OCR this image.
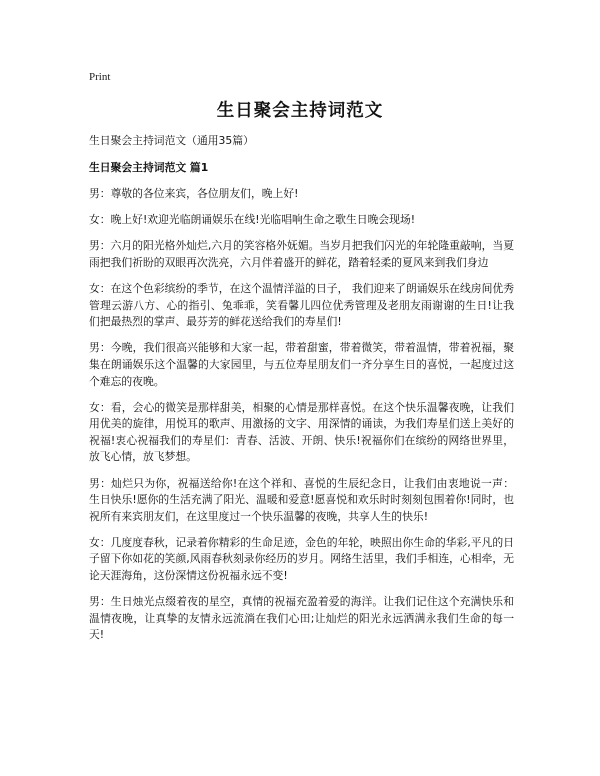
Print
生日聚会主持词范文

生日聚会主持词范文（通用35篇）

生日聚会主持词范文 篇1

男：尊敬的各位来宾，各位朋友们，晚上好!

女：晚上好!欢迎光临朗诵娱乐在线!光临唱响生命之歌生日晚会现场!

男：六月的阳光格外灿烂,六月的笑容格外妩媚。当岁月把我们闪光的年轮隆重敲响，当夏雨把我们祈盼的双眼再次洗亮，六月伴着盛开的鲜花，踏着轻柔的夏风来到我们身边

女：在这个色彩缤纷的季节，在这个温情洋溢的日子， 我们迎来了朗诵娱乐在线房间优秀管理云游八方、心的指引、兔乖乖，笑看馨儿四位优秀管理及老朋友雨谢谢的生日!让我们把最热烈的掌声、最芬芳的鲜花送给我们的寿星们!

男：今晚，我们很高兴能够和大家一起，带着甜蜜，带着微笑，带着温情，带着祝福，聚集在朗诵娱乐这个温馨的大家园里，与五位寿星朋友们一齐分享生日的喜悦，一起度过这个难忘的夜晚。

女：看，会心的微笑是那样甜美，相聚的心情是那样喜悦。在这个快乐温馨夜晚，让我们用优美的旋律，用悦耳的歌声、用激扬的文字、用深情的诵读，为我们寿星们送上美好的祝福!衷心祝福我们的寿星们：青春、活波、开朗、快乐!祝福你们在缤纷的网络世界里，放飞心情，放飞梦想。

男：灿烂只为你，祝福送给你!在这个祥和、喜悦的生辰纪念日，让我们由衷地说一声：生日快乐!愿你的生活充满了阳光、温暖和爱意!愿喜悦和欢乐时时刻刻包围着你!同时，也祝所有来宾朋友们，在这里度过一个快乐温馨的夜晚，共享人生的快乐!

女：几度度春秋，记录着你精彩的生命足迹，金色的年轮，映照出你生命的华彩,平凡的日子留下你如花的笑颜,风雨春秋刻录你经历的岁月。网络生活里，我们手相连，心相牵，无论天涯海角，这份深情这份祝福永远不变!

男：生日烛光点缀着夜的星空，真情的祝福充盈着爱的海洋。让我们记住这个充满快乐和温情夜晚，让真挚的友情永远流淌在我们心田;让灿烂的阳光永远洒满永我们生命的每一天!
